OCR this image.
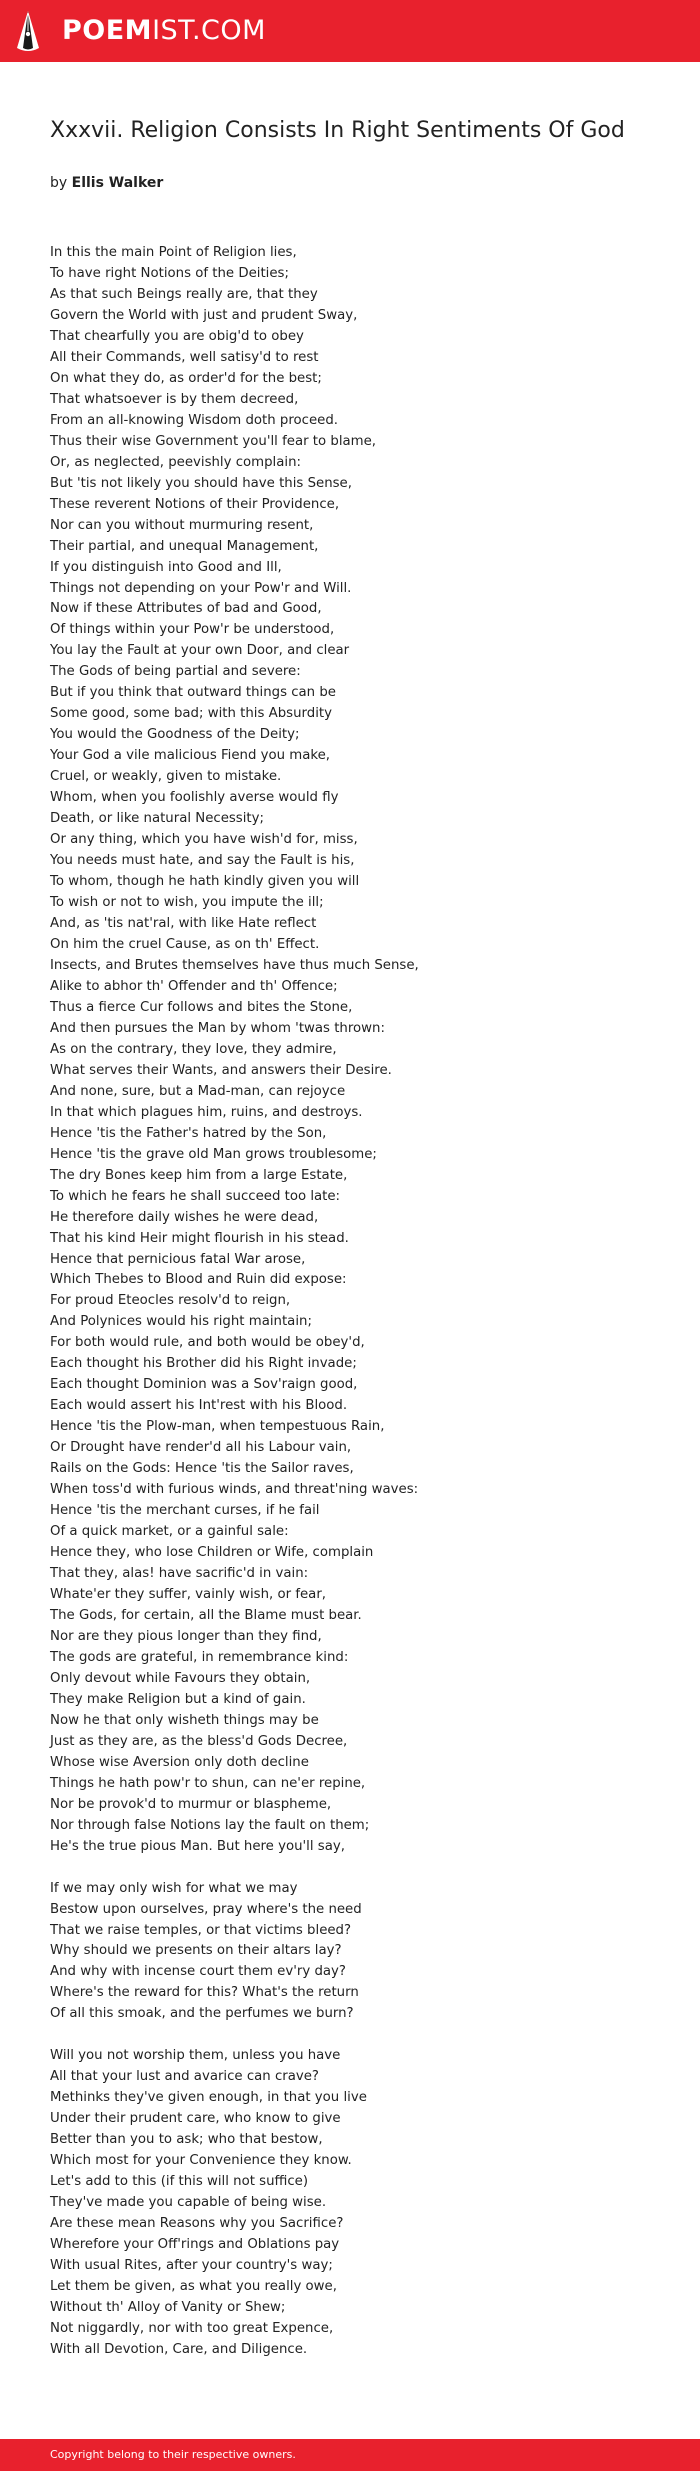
POEMIST.COM
Xxxvii. Religion Consists In Right Sentiments Of God
by Ellis Walker
In this the main Point of Religion lies,
To have right Notions of the Deities;
As that such Beings really are, that they
Govern the World with just and prudent Sway,
That chearfully you are obig'd to obey
All their Commands, well satisy'd to rest
On what they do, as order'd for the best;
That whatsoever is by them decreed,
From an all-knowing Wisdom doth proceed.
Thus their wise Government you'll fear to blame,
Or, as neglected, peevishly complain:
But 'tis not likely you should have this Sense,
These reverent Notions of their Providence,
Nor can you without murmuring resent,
Their partial, and unequal Management,
If you distinguish into Good and Ill,
Things not depending on your Pow'r and Will.
Now if these Attributes of bad and Good,
Of things within your Pow'r be understood,
You lay the Fault at your own Door, and clear
The Gods of being partial and severe:
But if you think that outward things can be
Some good, some bad; with this Absurdity
You would the Goodness of the Deity;
Your God a vile malicious Fiend you make,
Cruel, or weakly, given to mistake.
Whom, when you foolishly averse would fly
Death, or like natural Necessity;
Or any thing, which you have wish'd for, miss,
You needs must hate, and say the Fault is his,
To whom, though he hath kindly given you will
To wish or not to wish, you impute the ill;
And, as 'tis nat'ral, with like Hate reflect
On him the cruel Cause, as on th' Effect.
Insects, and Brutes themselves have thus much Sense,
Alike to abhor th' Offender and th' Offence;
Thus a fierce Cur follows and bites the Stone,
And then pursues the Man by whom 'twas thrown:
As on the contrary, they love, they admire,
What serves their Wants, and answers their Desire.
And none, sure, but a Mad-man, can rejoyce
In that which plagues him, ruins, and destroys.
Hence 'tis the Father's hatred by the Son,
Hence 'tis the grave old Man grows troublesome;
The dry Bones keep him from a large Estate,
To which he fears he shall succeed too late:
He therefore daily wishes he were dead,
That his kind Heir might flourish in his stead.
Hence that pernicious fatal War arose,
Which Thebes to Blood and Ruin did expose:
For proud Eteocles resolv'd to reign,
And Polynices would his right maintain;
For both would rule, and both would be obey'd,
Each thought his Brother did his Right invade;
Each thought Dominion was a Sov'raign good,
Each would assert his Int'rest with his Blood.
Hence 'tis the Plow-man, when tempestuous Rain,
Or Drought have render'd all his Labour vain,
Rails on the Gods: Hence 'tis the Sailor raves,
When toss'd with furious winds, and threat'ning waves:
Hence 'tis the merchant curses, if he fail
Of a quick market, or a gainful sale:
Hence they, who lose Children or Wife, complain
That they, alas! have sacrific'd in vain:
Whate'er they suffer, vainly wish, or fear,
The Gods, for certain, all the Blame must bear.
Nor are they pious longer than they find,
The gods are grateful, in remembrance kind:
Only devout while Favours they obtain,
They make Religion but a kind of gain.
Now he that only wisheth things may be
Just as they are, as the bless'd Gods Decree,
Whose wise Aversion only doth decline
Things he hath pow'r to shun, can ne'er repine,
Nor be provok'd to murmur or blaspheme,
Nor through false Notions lay the fault on them;
He's the true pious Man. But here you'll say,
If we may only wish for what we may
Bestow upon ourselves, pray where's the need
That we raise temples, or that victims bleed?
Why should we presents on their altars lay?
And why with incense court them ev'ry day?
Where's the reward for this? What's the return
Of all this smoak, and the perfumes we burn?
Will you not worship them, unless you have
All that your lust and avarice can crave?
Methinks they've given enough, in that you live
Under their prudent care, who know to give
Better than you to ask; who that bestow,
Which most for your Convenience they know.
Let's add to this (if this will not suffice)
They've made you capable of being wise.
Are these mean Reasons why you Sacrifice?
Wherefore your Off'rings and Oblations pay
With usual Rites, after your country's way;
Let them be given, as what you really owe,
Without th' Alloy of Vanity or Shew;
Not niggardly, nor with too great Expence,
With all Devotion, Care, and Diligence.
Copyright belong to their respective owners.
